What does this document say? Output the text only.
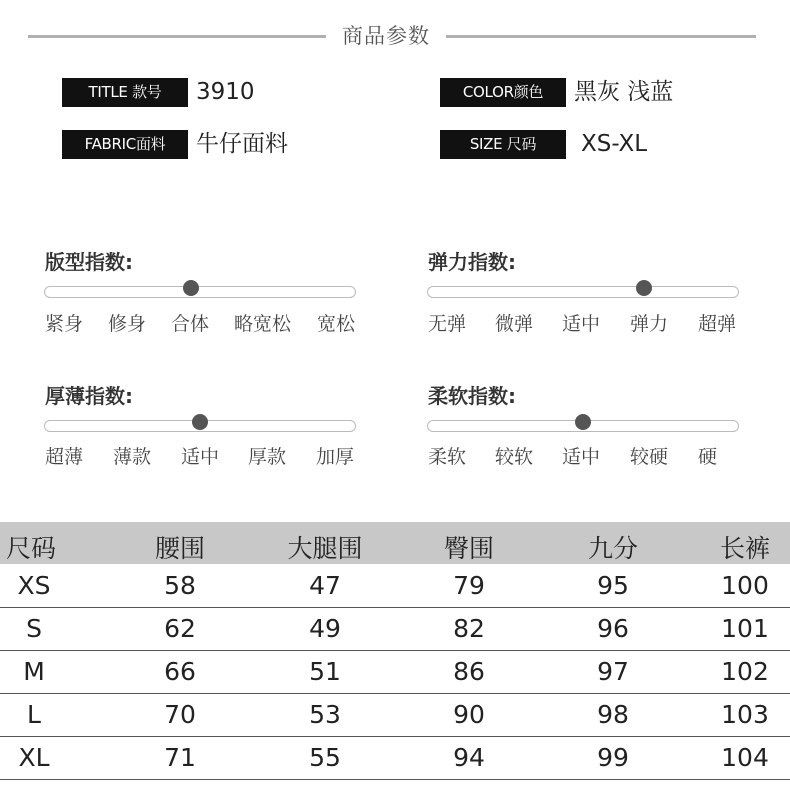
商品参数
TITLE 款号	3910	COLOR颜色	黑灰 浅蓝
FABRIC面料	牛仔面料	SIZE 尺码	XS-XL
版型指数:
紧身 修身 合体 略宽松 宽松
弹力指数:
无弹 微弹 适中 弹力 超弹
厚薄指数:
超薄 薄款 适中 厚款 加厚
柔软指数:
柔软 较软 适中 较硬 硬
尺码	腰围	大腿围	臀围	九分	长裤
XS	58	47	79	95	100
S	62	49	82	96	101
M	66	51	86	97	102
L	70	53	90	98	103
XL	71	55	94	99	104
